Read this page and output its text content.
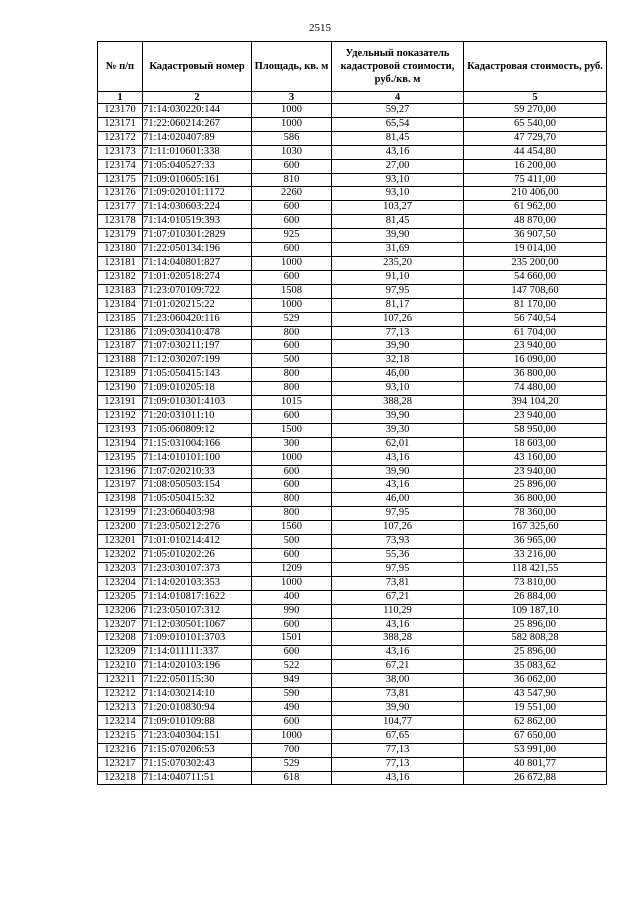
2515
№ п/п	Кадастровый номер	Площадь, кв. м	Удельный показатель кадастровой стоимости, руб./кв. м	Кадастровая стоимость, руб.
1	2	3	4	5
123170	71:14:030220:144	1000	59,27	59 270,00
123171	71:22:060214:267	1000	65,54	65 540,00
123172	71:14:020407:89	586	81,45	47 729,70
123173	71:11:010601:338	1030	43,16	44 454,80
123174	71:05:040527:33	600	27,00	16 200,00
123175	71:09:010605:161	810	93,10	75 411,00
123176	71:09:020101:1172	2260	93,10	210 406,00
123177	71:14:030603:224	600	103,27	61 962,00
123178	71:14:010519:393	600	81,45	48 870,00
123179	71:07:010301:2829	925	39,90	36 907,50
123180	71:22:050134:196	600	31,69	19 014,00
123181	71:14:040801:827	1000	235,20	235 200,00
123182	71:01:020518:274	600	91,10	54 660,00
123183	71:23:070109:722	1508	97,95	147 708,60
123184	71:01:020215:22	1000	81,17	81 170,00
123185	71:23:060420:116	529	107,26	56 740,54
123186	71:09:030410:478	800	77,13	61 704,00
123187	71:07:030211:197	600	39,90	23 940,00
123188	71:12:030207:199	500	32,18	16 090,00
123189	71:05:050415:143	800	46,00	36 800,00
123190	71:09:010205:18	800	93,10	74 480,00
123191	71:09:010301:4103	1015	388,28	394 104,20
123192	71:20:031011:10	600	39,90	23 940,00
123193	71:05:060809:12	1500	39,30	58 950,00
123194	71:15:031004:166	300	62,01	18 603,00
123195	71:14:010101:100	1000	43,16	43 160,00
123196	71:07:020210:33	600	39,90	23 940,00
123197	71:08:050503:154	600	43,16	25 896,00
123198	71:05:050415:32	800	46,00	36 800,00
123199	71:23:060403:98	800	97,95	78 360,00
123200	71:23:050212:276	1560	107,26	167 325,60
123201	71:01:010214:412	500	73,93	36 965,00
123202	71:05:010202:26	600	55,36	33 216,00
123203	71:23:030107:373	1209	97,95	118 421,55
123204	71:14:020103:353	1000	73,81	73 810,00
123205	71:14:010817:1622	400	67,21	26 884,00
123206	71:23:050107:312	990	110,29	109 187,10
123207	71:12:030501:1067	600	43,16	25 896,00
123208	71:09:010101:3703	1501	388,28	582 808,28
123209	71:14:011111:337	600	43,16	25 896,00
123210	71:14:020103:196	522	67,21	35 083,62
123211	71:22:050115:30	949	38,00	36 062,00
123212	71:14:030214:10	590	73,81	43 547,90
123213	71:20:010830:94	490	39,90	19 551,00
123214	71:09:010109:88	600	104,77	62 862,00
123215	71:23:040304:151	1000	67,65	67 650,00
123216	71:15:070206:53	700	77,13	53 991,00
123217	71:15:070302:43	529	77,13	40 801,77
123218	71:14:040711:51	618	43,16	26 672,88
